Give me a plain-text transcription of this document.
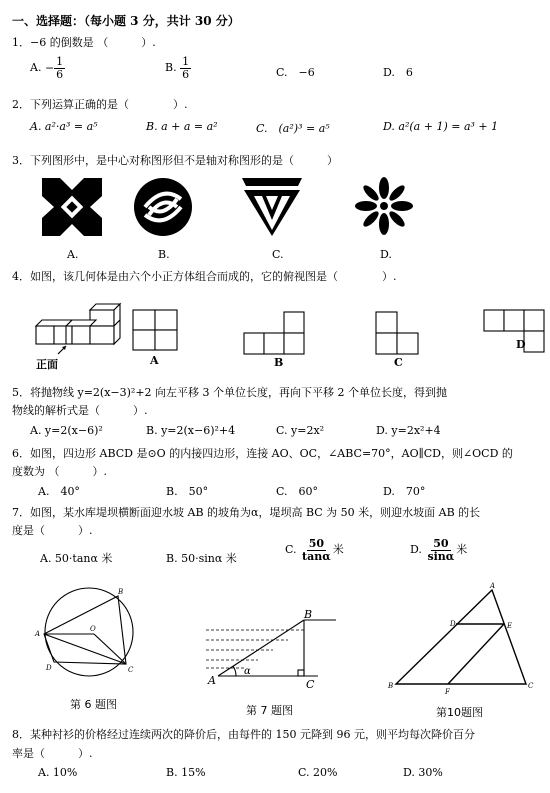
一、选择题：（每小题 3 分，共计 30 分）
1．−6 的倒数是 （　　　）.
A. − $\frac{1}{6}$	B. $\frac{1}{6}$	C.　−6	D.　6
2．下列运算正确的是（　　　　）.
A. a²·a³ = a⁵	B. a + a = a²	C.　(a²)³ = a⁵	D. a²(a + 1) = a³ + 1
3．下列图形中，是中心对称图形但不是轴对称图形的是（　　　）
A.	B.	C.	D.
4．如图，该几何体是由六个小正方体组合而成的，它的俯视图是（　　　　）.
正面	A	B	C
D
5．将抛物线 y=2(x−3)²+2 向左平移 3 个单位长度，再向下平移 2 个单位长度，得到抛
物线的解析式是（　　　）.
A. y=2(x−6)²	B. y=2(x−6)²+4	C. y=2x²	D. y=2x²+4
6．如图，四边形 ABCD 是⊙O 的内接四边形，连接 AO、OC，∠ABC=70°，AO∥CD，则∠OCD 的
度数为 （　　　）.
A.　40°	B.　50°	C.　60°	D.　70°
7．如图，某水库堤坝横断面迎水坡 AB 的坡角为α，堤坝高 BC 为 50 米，则迎水坡面 AB 的长
度是（　　　）.
A. 50·tanα 米	B. 50·sinα 米
C. $\frac{50}{\tan\alpha}$ 米	D. $\frac{50}{\sin\alpha}$ 米
A
B
C
D
O
第 6 题图
A
B
C
α
第 7 题图
A
B	C
D	E
F
第10题图
8．某种衬衫的价格经过连续两次的降价后，由每件的 150 元降到 96 元，则平均每次降价百分
率是（　　　）.
A. 10%	B. 15%	C. 20%	D. 30%
